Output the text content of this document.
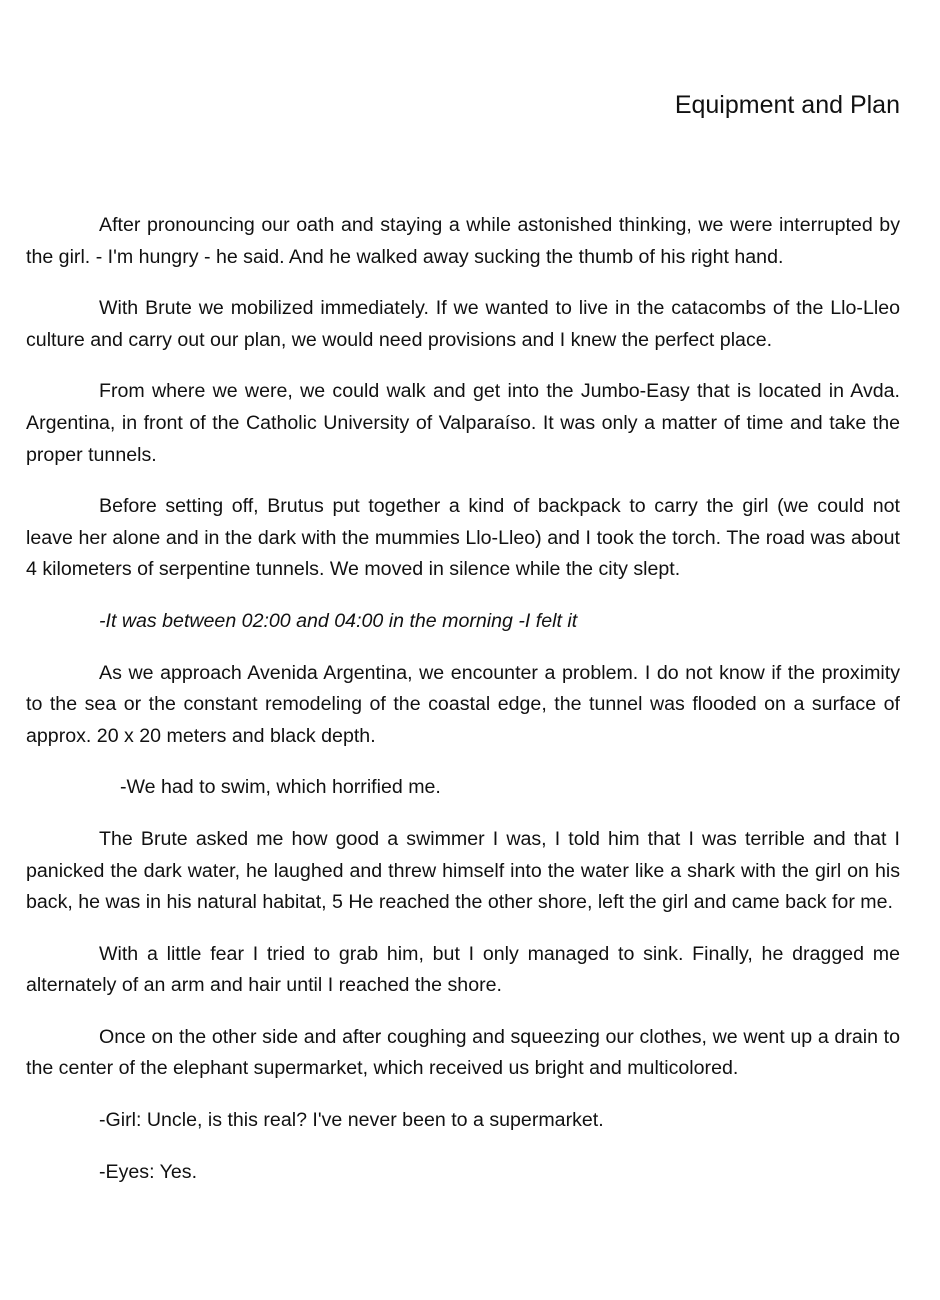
Equipment and Plan

After pronouncing our oath and staying a while astonished thinking, we were interrupted by the girl. - I'm hungry - he said. And he walked away sucking the thumb of his right hand.

With Brute we mobilized immediately. If we wanted to live in the catacombs of the Llo-Lleo culture and carry out our plan, we would need provisions and I knew the perfect place.

From where we were, we could walk and get into the Jumbo-Easy that is located in Avda. Argentina, in front of the Catholic University of Valparaíso. It was only a matter of time and take the proper tunnels.

Before setting off, Brutus put together a kind of backpack to carry the girl (we could not leave her alone and in the dark with the mummies Llo-Lleo) and I took the torch. The road was about 4 kilometers of serpentine tunnels. We moved in silence while the city slept.

-It was between 02:00 and 04:00 in the morning -I felt it

As we approach Avenida Argentina, we encounter a problem. I do not know if the proximity to the sea or the constant remodeling of the coastal edge, the tunnel was flooded on a surface of approx. 20 x 20 meters and black depth.

-We had to swim, which horrified me.

The Brute asked me how good a swimmer I was, I told him that I was terrible and that I panicked the dark water, he laughed and threw himself into the water like a shark with the girl on his back, he was in his natural habitat, 5 He reached the other shore, left the girl and came back for me.

With a little fear I tried to grab him, but I only managed to sink. Finally, he dragged me alternately of an arm and hair until I reached the shore.

Once on the other side and after coughing and squeezing our clothes, we went up a drain to the center of the elephant supermarket, which received us bright and multicolored.

-Girl: Uncle, is this real? I've never been to a supermarket.

-Eyes: Yes.
